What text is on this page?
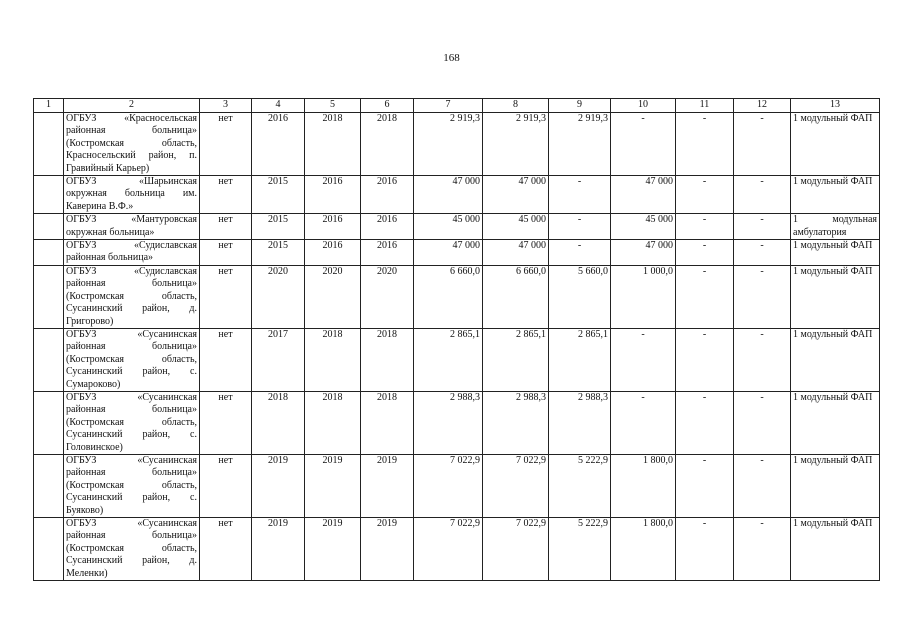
168
1	2	3	4	5	6	7	8	9	10	11	12	13
	ОГБУЗ «Красносельская районная больница» (Костромская область, Красносельский район, п. Гравийный Карьер)	нет	2016	2018	2018	2 919,3	2 919,3	2 919,3	-	-	-	1 модульный ФАП
	ОГБУЗ «Шарьинская окружная больница им. Каверина В.Ф.»	нет	2015	2016	2016	47 000	47 000	-	47 000	-	-	1 модульный ФАП
	ОГБУЗ «Мантуровская окружная больница»	нет	2015	2016	2016	45 000	45 000	-	45 000	-	-	1 модульная амбулатория
	ОГБУЗ «Судиславская районная больница»	нет	2015	2016	2016	47 000	47 000	-	47 000	-	-	1 модульный ФАП
	ОГБУЗ «Судиславская районная больница» (Костромская область, Сусанинский район, д. Григорово)	нет	2020	2020	2020	6 660,0	6 660,0	5 660,0	1 000,0	-	-	1 модульный ФАП
	ОГБУЗ «Сусанинская районная больница» (Костромская область, Сусанинский район, с. Сумароково)	нет	2017	2018	2018	2 865,1	2 865,1	2 865,1	-	-	-	1 модульный ФАП
	ОГБУЗ «Сусанинская районная больница» (Костромская область, Сусанинский район, с. Головинское)	нет	2018	2018	2018	2 988,3	2 988,3	2 988,3	-	-	-	1 модульный ФАП
	ОГБУЗ «Сусанинская районная больница» (Костромская область, Сусанинский район, с. Буяково)	нет	2019	2019	2019	7 022,9	7 022,9	5 222,9	1 800,0	-	-	1 модульный ФАП
	ОГБУЗ «Сусанинская районная больница» (Костромская область, Сусанинский район, д. Меленки)	нет	2019	2019	2019	7 022,9	7 022,9	5 222,9	1 800,0	-	-	1 модульный ФАП
